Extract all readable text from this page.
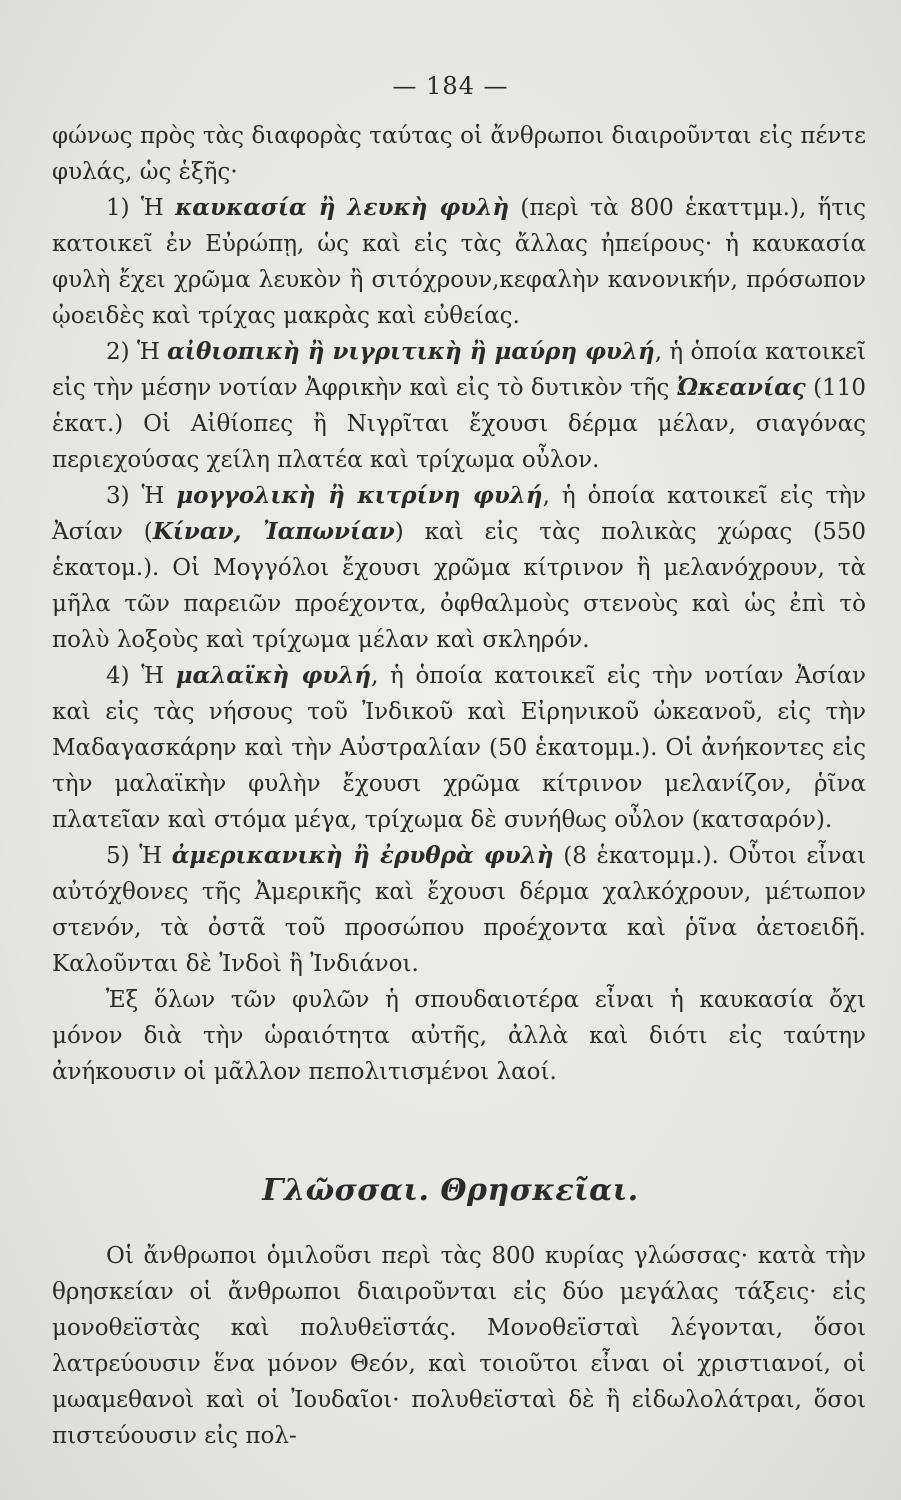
— 184 —

φώνως πρὸς τὰς διαφορὰς ταύτας οἱ ἄνθρωποι διαιροῦνται εἰς πέντε φυλάς, ὡς ἑξῆς·

1) Ἡ καυκασία ἢ λευκὴ φυλὴ (περὶ τὰ 800 ἑκαττμμ.), ἥτις κατοικεῖ ἐν Εὐρώπῃ, ὡς καὶ εἰς τὰς ἄλλας ἠπείρους· ἡ καυκασία φυλὴ ἔχει χρῶμα λευκὸν ἢ σιτόχρουν,κεφαλὴν κανονικήν, πρόσωπον ᾠοειδὲς καὶ τρίχας μακρὰς καὶ εὐθείας.

2) Ἡ αἰθιοπικὴ ἢ νιγριτικὴ ἢ μαύρη φυλή, ἡ ὁποία κατοικεῖ εἰς τὴν μέσην νοτίαν Ἀφρικὴν καὶ εἰς τὸ δυτικὸν τῆς Ὠκεανίας (110 ἑκατ.) Οἱ Αἰθίοπες ἢ Νιγρῖται ἔχουσι δέρμα μέλαν, σιαγόνας περιεχούσας χείλη πλατέα καὶ τρίχωμα οὖλον.

3) Ἡ μογγολικὴ ἢ κιτρίνη φυλή, ἡ ὁποία κατοικεῖ εἰς τὴν Ἀσίαν (Κίναν, Ἰαπωνίαν) καὶ εἰς τὰς πολικὰς χώρας (550 ἑκατομ.). Οἱ Μογγόλοι ἔχουσι χρῶμα κίτρινον ἢ μελανόχρουν, τὰ μῆλα τῶν παρειῶν προέχοντα, ὀφθαλμοὺς στενοὺς καὶ ὡς ἐπὶ τὸ πολὺ λοξοὺς καὶ τρίχωμα μέλαν καὶ σκληρόν.

4) Ἡ μαλαϊκὴ φυλή, ἡ ὁποία κατοικεῖ εἰς τὴν νοτίαν Ἀσίαν καὶ εἰς τὰς νήσους τοῦ Ἰνδικοῦ καὶ Εἰρηνικοῦ ὠκεανοῦ, εἰς τὴν Μαδαγασκάρην καὶ τὴν Αὐστραλίαν (50 ἑκατομμ.). Οἱ ἀνήκοντες εἰς τὴν μαλαϊκὴν φυλὴν ἔχουσι χρῶμα κίτρινον μελανίζον, ῥῖνα πλατεῖαν καὶ στόμα μέγα, τρίχωμα δὲ συνήθως οὖλον (κατσαρόν).

5) Ἡ ἀμερικανικὴ ἢ ἐρυθρὰ φυλὴ (8 ἑκατομμ.). Οὗτοι εἶναι αὐτόχθονες τῆς Ἀμερικῆς καὶ ἔχουσι δέρμα χαλκόχρουν, μέτωπον στενόν, τὰ ὀστᾶ τοῦ προσώπου προέχοντα καὶ ῥῖνα ἀετοειδῆ. Καλοῦνται δὲ Ἰνδοὶ ἢ Ἰνδιάνοι.

Ἐξ ὅλων τῶν φυλῶν ἡ σπουδαιοτέρα εἶναι ἡ καυκασία ὄχι μόνον διὰ τὴν ὡραιότητα αὐτῆς, ἀλλὰ καὶ διότι εἰς ταύτην ἀνήκουσιν οἱ μᾶλλον πεπολιτισμένοι λαοί.

Γλῶσσαι. Θρησκεῖαι.

Οἱ ἄνθρωποι ὁμιλοῦσι περὶ τὰς 800 κυρίας γλώσσας· κατὰ τὴν θρησκείαν οἱ ἄνθρωποι διαιροῦνται εἰς δύο μεγάλας τάξεις· εἰς μονοθεϊστὰς καὶ πολυθεϊστάς. Μονοθεϊσταὶ λέγονται, ὅσοι λατρεύουσιν ἕνα μόνον Θεόν, καὶ τοιοῦτοι εἶναι οἱ χριστιανοί, οἱ μωαμεθανοὶ καὶ οἱ Ἰουδαῖοι· πολυθεϊσταὶ δὲ ἢ εἰδωλολάτραι, ὅσοι πιστεύουσιν εἰς πολ-
